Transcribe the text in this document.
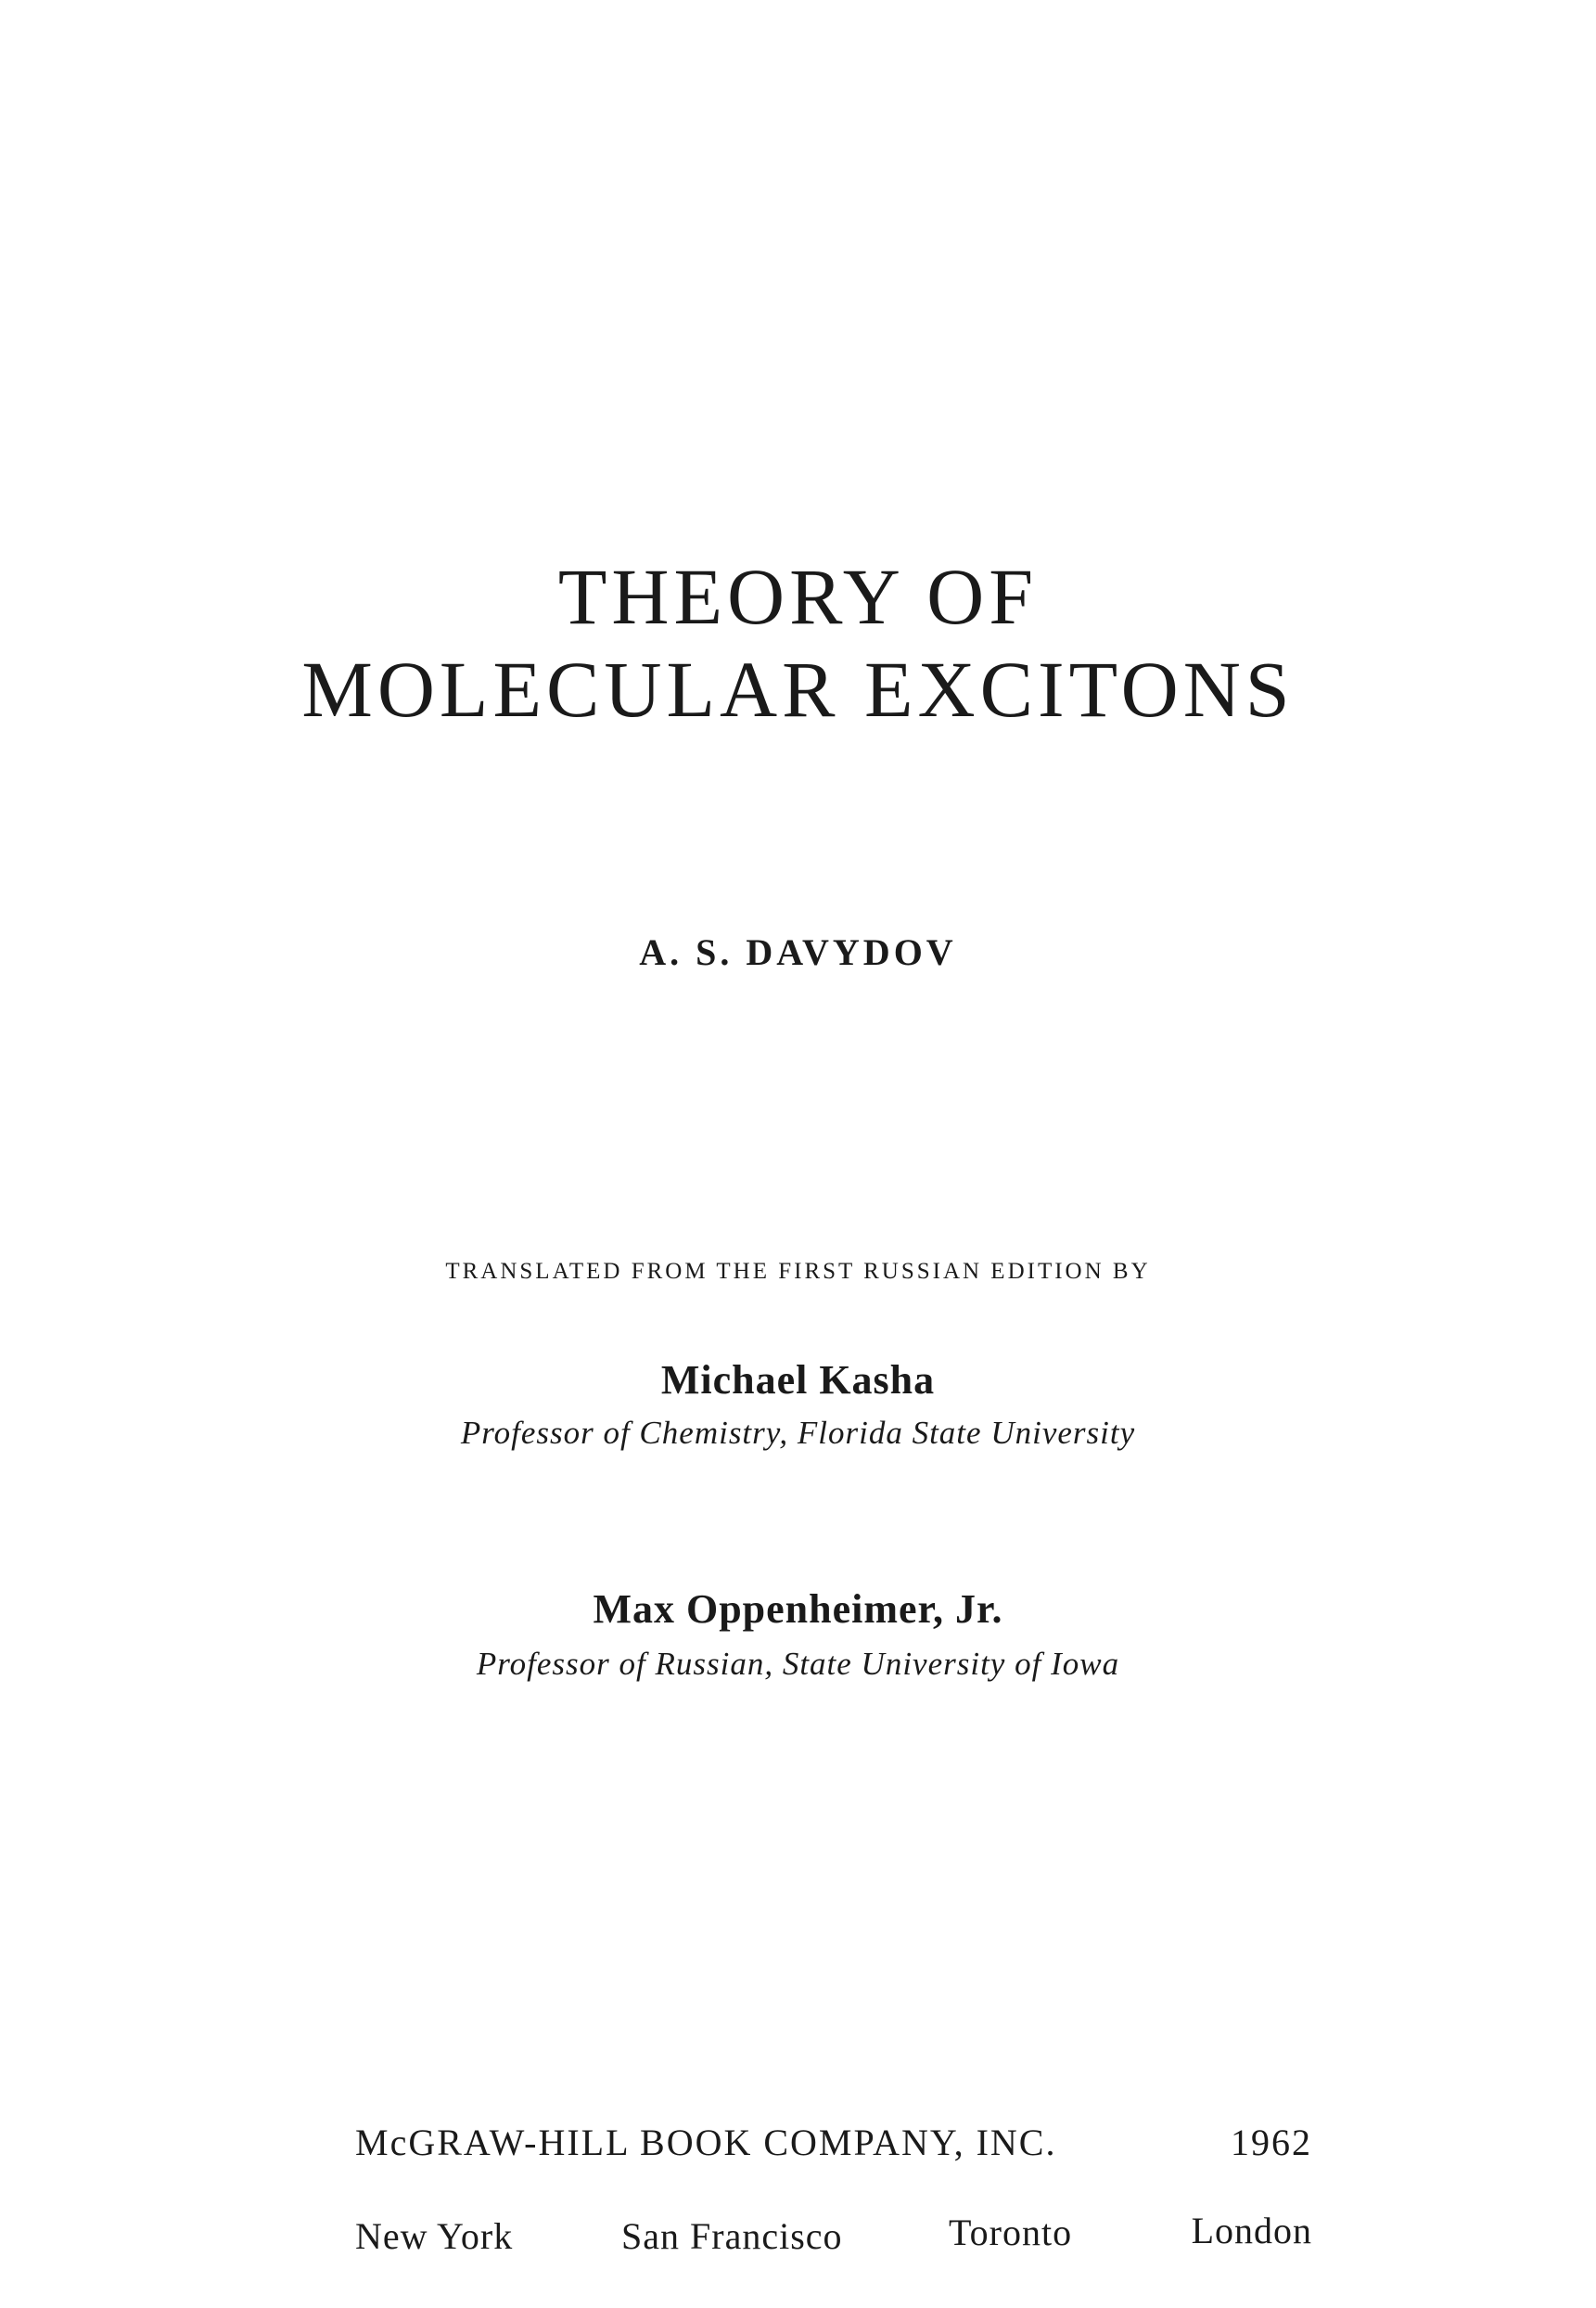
THEORY OF
MOLECULAR EXCITONS
A. S. DAVYDOV
TRANSLATED FROM THE FIRST RUSSIAN EDITION BY
Michael Kasha
Professor of Chemistry, Florida State University
Max Oppenheimer, Jr.
Professor of Russian, State University of Iowa
McGRAW-HILL BOOK COMPANY, INC.	1962
New York	San Francisco	Toronto	London
